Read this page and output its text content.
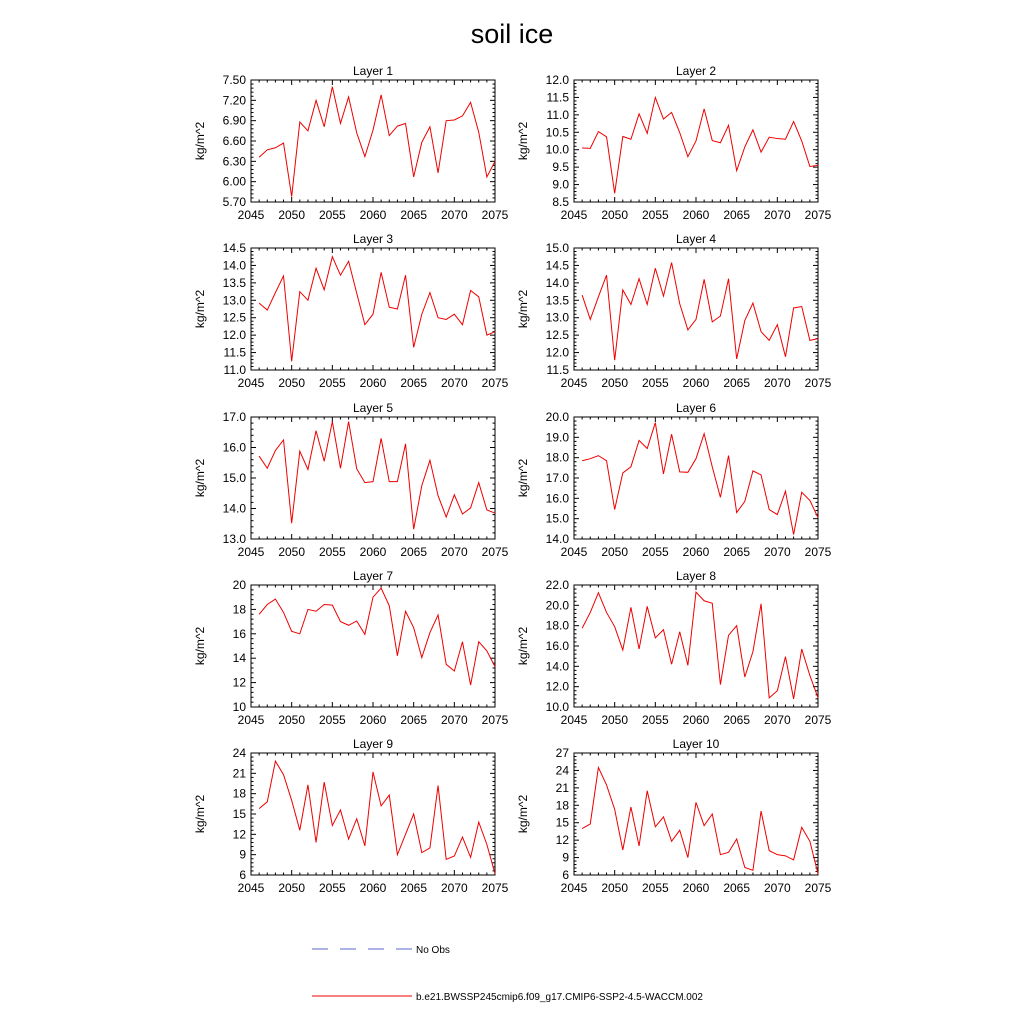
soil ice
Layer 1
kg/m^2
2045 2050 2055 2060 2065 2070 2075
5.70
6.00
6.30
6.60
6.90
7.20
7.50
Layer 2
kg/m^2
2045 2050 2055 2060 2065 2070 2075
8.5
9.0
9.5
10.0
10.5
11.0
11.5
12.0
Layer 3
kg/m^2
2045 2050 2055 2060 2065 2070 2075
11.0
11.5
12.0
12.5
13.0
13.5
14.0
14.5
Layer 4
kg/m^2
2045 2050 2055 2060 2065 2070 2075
11.5
12.0
12.5
13.0
13.5
14.0
14.5
15.0
Layer 5
kg/m^2
2045 2050 2055 2060 2065 2070 2075
13.0
14.0
15.0
16.0
17.0
Layer 6
kg/m^2
2045 2050 2055 2060 2065 2070 2075
14.0
15.0
16.0
17.0
18.0
19.0
20.0
Layer 7
kg/m^2
2045 2050 2055 2060 2065 2070 2075
10
12
14
16
18
20
Layer 8
kg/m^2
2045 2050 2055 2060 2065 2070 2075
10.0
12.0
14.0
16.0
18.0
20.0
22.0
Layer 9
kg/m^2
2045 2050 2055 2060 2065 2070 2075
6
9
12
15
18
21
24
Layer 10
kg/m^2
2045 2050 2055 2060 2065 2070 2075
6
9
12
15
18
21
24
27
No Obs
b.e21.BWSSP245cmip6.f09_g17.CMIP6-SSP2-4.5-WACCM.002
